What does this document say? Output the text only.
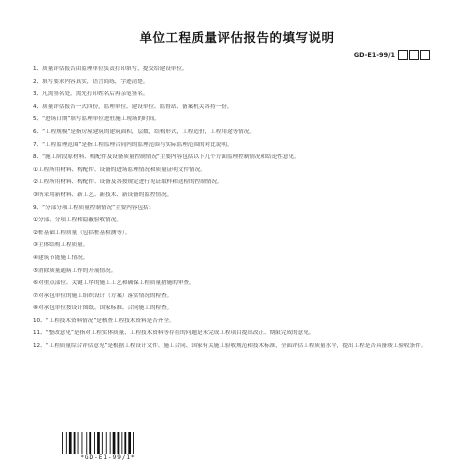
单位工程质量评估报告的填写说明
GD-E1-99/1
1、质量评估报告由监理单位负责打印填写，提交给建设单位。
2、填写要求内容真实，语言简练，字迹清楚。
3、凡需签名处，需先打印姓名后再亲笔签名。
4、质量评估报告一式四份，监理单位、建设单位、监督站、备案机关各持一份。
5、“进场日期”填写监理单位进驻施工现场的时间。
6、“工程规模”是指房屋建筑的建筑面积，层数，结构形式，工程造价，工程用途等情况。
7、“工程监理范围”是指工程监理合同内的监理范围与实际监理范围的对比说明。
8、“施工阶段原材料、构配件及设备质量控制情况”主要内容包括以下几个方面监理控制情况和结论性意见。
①工程所用材料、构配件、设备的进场监理情况和质量证明文件情况。
②工程所用材料、构配件、设备及各按规定进行见证取样和送检的控制情况。
③所采用新材料、新工艺、新技术、新设备的监控情况。
9、“分部分项工程质量控制情况”主要内容包括：
①分部、分项工程和隐蔽验收情况。
②桩基础工程质量（包括桩基检测等）。
③主体结构工程质量。
④建筑节能施工情况。
⑤消除质量通病工作的开展情况。
⑥对重点部位、关键工序的施工工艺和确保工程质量措施的审查。
⑦对承包单位的施工组织设计（方案）落实情况的检查。
⑧对承包单位按设计图纸、国家标准、合同施工的检查。
10、“工程技术资料情况”是核查工程技术资料是否齐全。
11、“整改意见”是指对工程实体质量、工程技术资料等存在的问题是未完成工程项目提出改正、期限完成的意见。
12、“工程质量综合评估意见”是根据工程设计文件、施工合同、国家有关施工验收规范和技术标准，全面评估工程质量水平，提出工程是否具备竣工验收条件。
*GD-E1-99/1*
